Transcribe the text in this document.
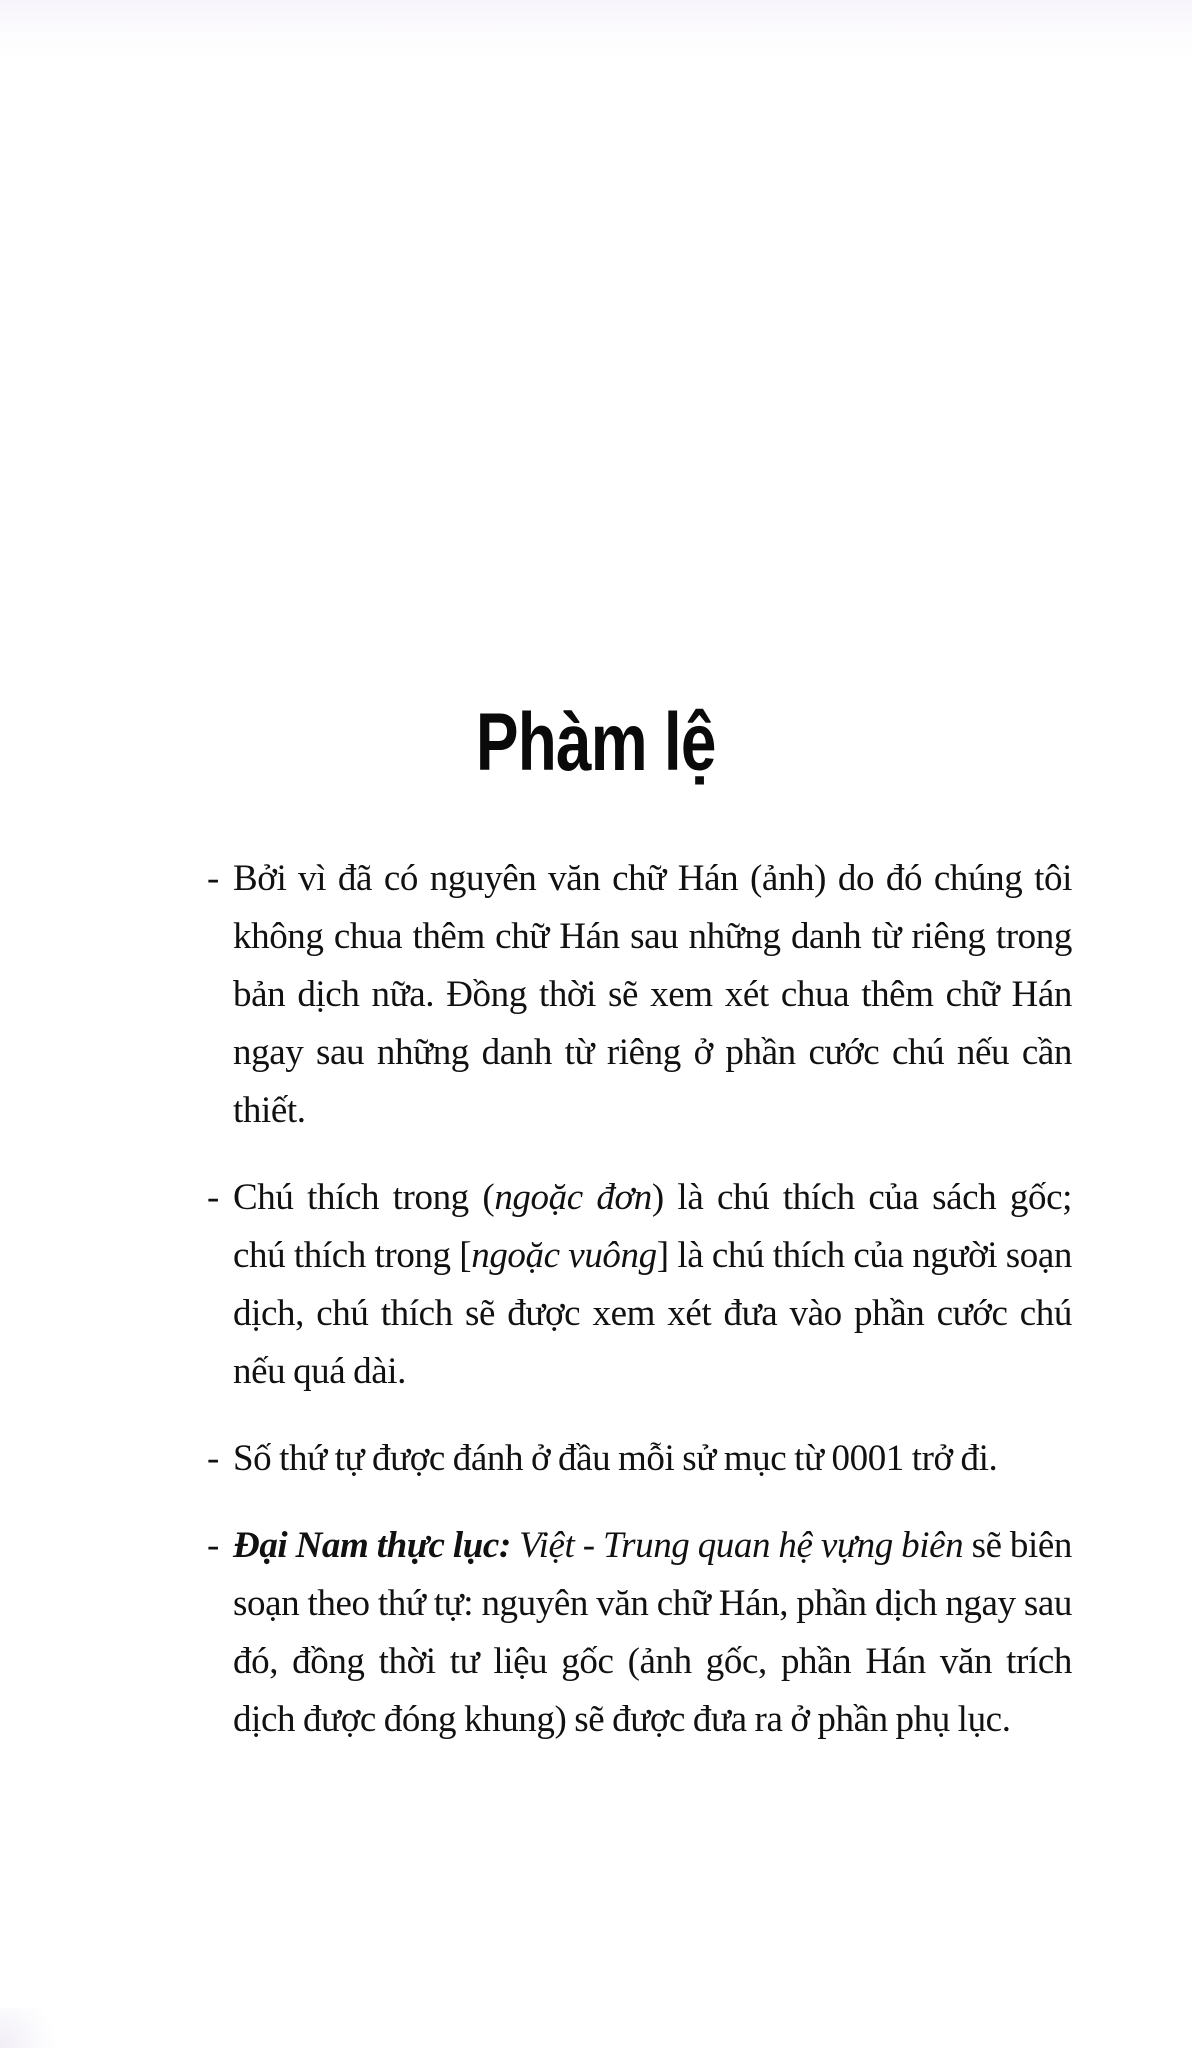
Phàm lệ

- Bởi vì đã có nguyên văn chữ Hán (ảnh) do đó chúng tôi không chua thêm chữ Hán sau những danh từ riêng trong bản dịch nữa. Đồng thời sẽ xem xét chua thêm chữ Hán ngay sau những danh từ riêng ở phần cước chú nếu cần thiết.

- Chú thích trong (ngoặc đơn) là chú thích của sách gốc; chú thích trong [ngoặc vuông] là chú thích của người soạn dịch, chú thích sẽ được xem xét đưa vào phần cước chú nếu quá dài.

- Số thứ tự được đánh ở đầu mỗi sử mục từ 0001 trở đi.

- Đại Nam thực lục: Việt - Trung quan hệ vựng biên sẽ biên soạn theo thứ tự: nguyên văn chữ Hán, phần dịch ngay sau đó, đồng thời tư liệu gốc (ảnh gốc, phần Hán văn trích dịch được đóng khung) sẽ được đưa ra ở phần phụ lục.
